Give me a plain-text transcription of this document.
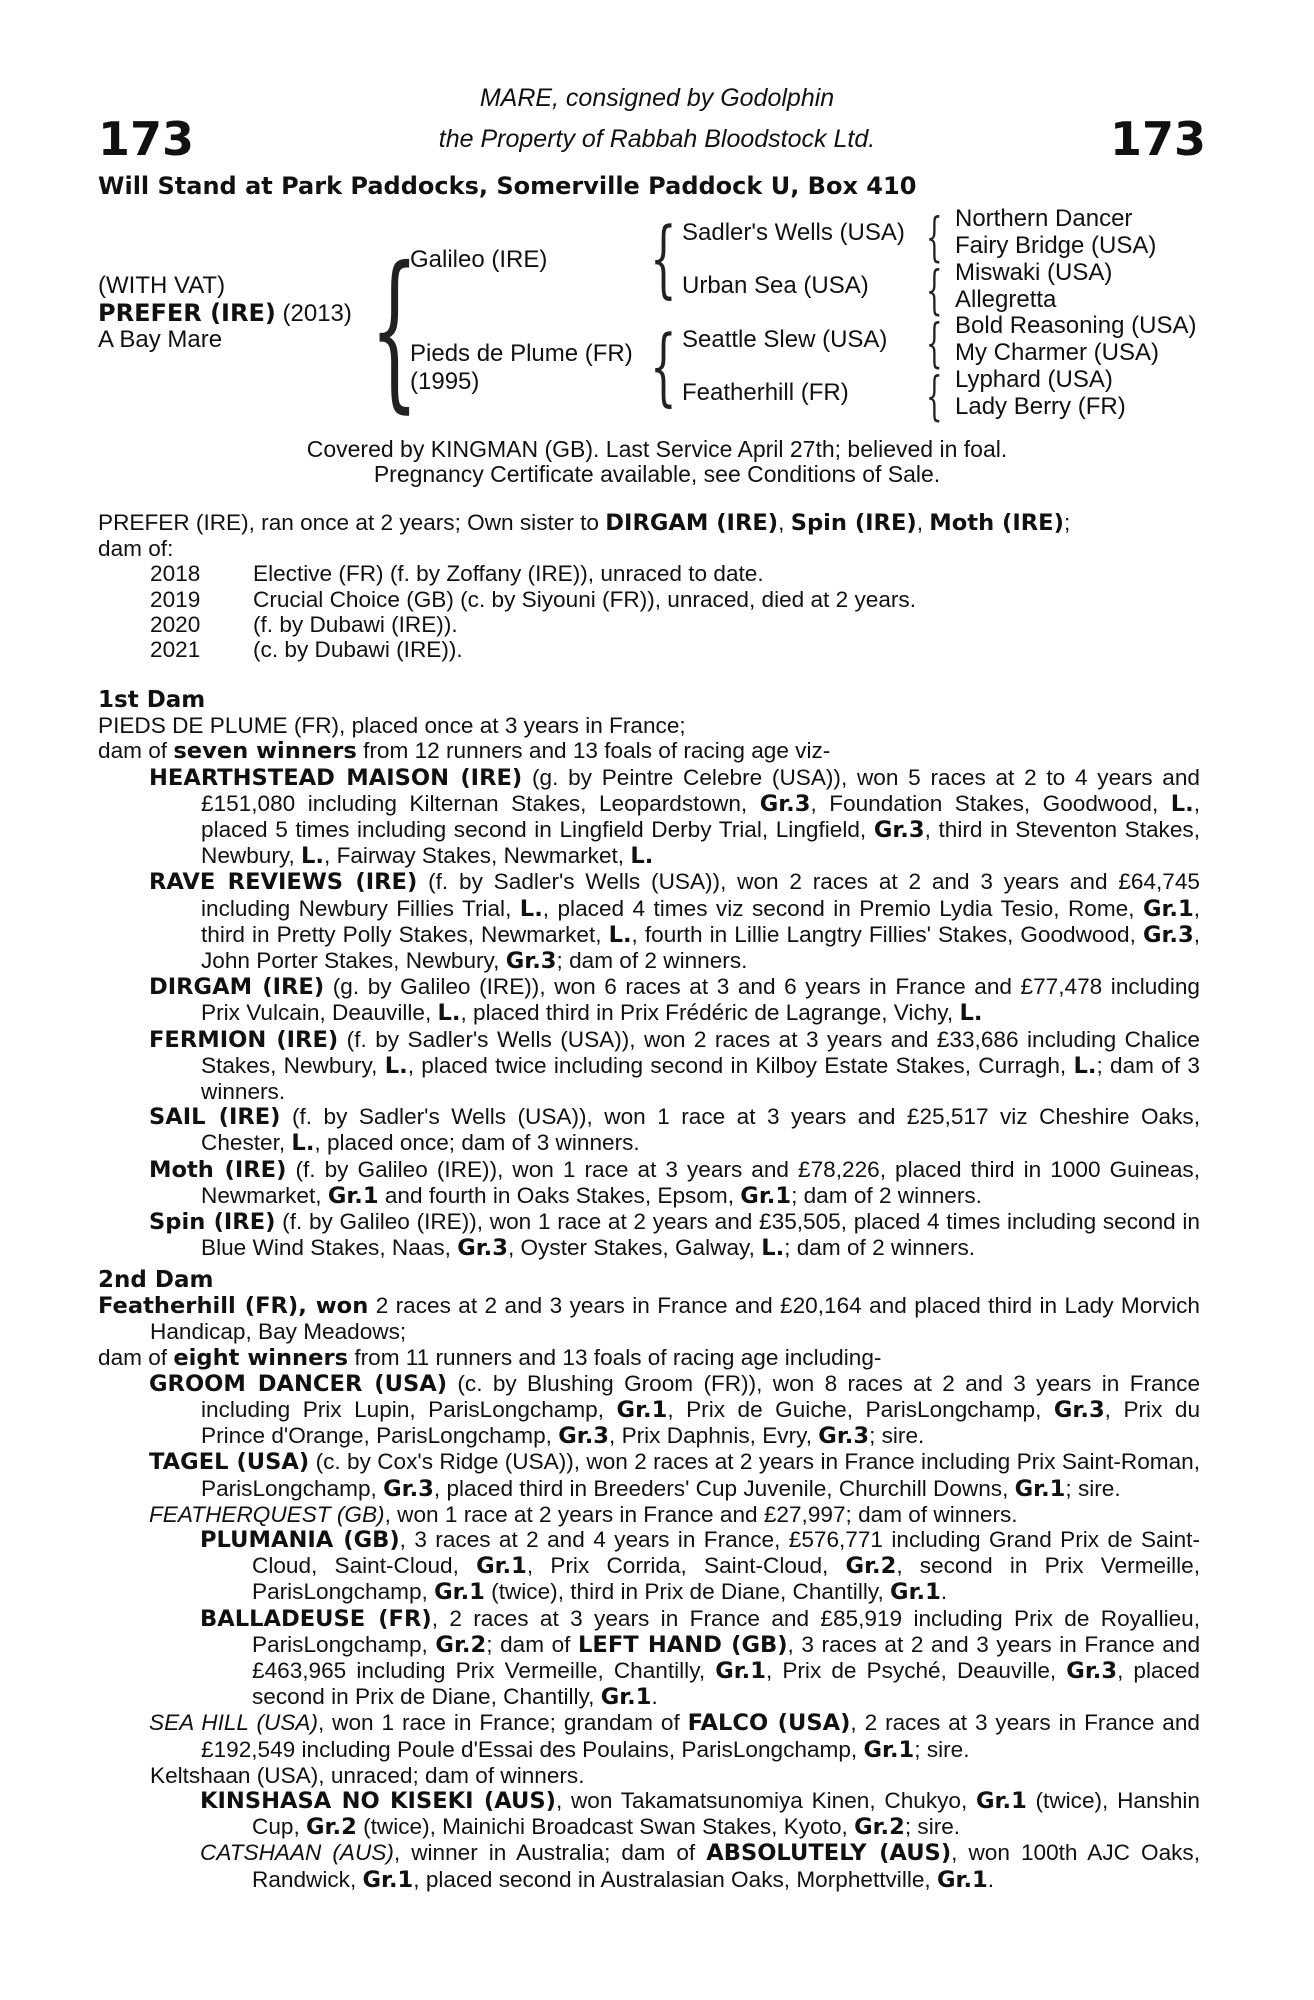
173	173
MARE, consigned by Godolphin
the Property of Rabbah Bloodstock Ltd.
Will Stand at Park Paddocks, Somerville Paddock U, Box 410
(WITH VAT)
PREFER (IRE) (2013)
A Bay Mare {
Galileo (IRE)
Pieds de Plume (FR)
(1995)
{
{
Sadler's Wells (USA)
Urban Sea (USA)
Seattle Slew (USA)
Featherhill (FR)
{
{
{
{
Northern Dancer
Fairy Bridge (USA)
Miswaki (USA)
Allegretta
Bold Reasoning (USA)
My Charmer (USA)
Lyphard (USA)
Lady Berry (FR)
Covered by KINGMAN (GB). Last Service April 27th; believed in foal.
Pregnancy Certificate available, see Conditions of Sale.

PREFER (IRE), ran once at 2 years; Own sister to DIRGAM (IRE), Spin (IRE), Moth (IRE);

dam of:

2018	Elective (FR) (f. by Zoffany (IRE)), unraced to date.
2019	Crucial Choice (GB) (c. by Siyouni (FR)), unraced, died at 2 years.
2020	(f. by Dubawi (IRE)).
2021	(c. by Dubawi (IRE)).

1st Dam

PIEDS DE PLUME (FR), placed once at 3 years in France;

dam of seven winners from 12 runners and 13 foals of racing age viz-

HEARTHSTEAD MAISON (IRE) (g. by Peintre Celebre (USA)), won 5 races at 2 to 4 years and £151,080 including Kilternan Stakes, Leopardstown, Gr.3, Foundation Stakes, Goodwood, L., placed 5 times including second in Lingfield Derby Trial, Lingfield, Gr.3, third in Steventon Stakes, Newbury, L., Fairway Stakes, Newmarket, L.

RAVE REVIEWS (IRE) (f. by Sadler's Wells (USA)), won 2 races at 2 and 3 years and £64,745 including Newbury Fillies Trial, L., placed 4 times viz second in Premio Lydia Tesio, Rome, Gr.1, third in Pretty Polly Stakes, Newmarket, L., fourth in Lillie Langtry Fillies' Stakes, Goodwood, Gr.3, John Porter Stakes, Newbury, Gr.3; dam of 2 winners.

DIRGAM (IRE) (g. by Galileo (IRE)), won 6 races at 3 and 6 years in France and £77,478 including Prix Vulcain, Deauville, L., placed third in Prix Frédéric de Lagrange, Vichy, L.

FERMION (IRE) (f. by Sadler's Wells (USA)), won 2 races at 3 years and £33,686 including Chalice Stakes, Newbury, L., placed twice including second in Kilboy Estate Stakes, Curragh, L.; dam of 3 winners.

SAIL (IRE) (f. by Sadler's Wells (USA)), won 1 race at 3 years and £25,517 viz Cheshire Oaks, Chester, L., placed once; dam of 3 winners.

Moth (IRE) (f. by Galileo (IRE)), won 1 race at 3 years and £78,226, placed third in 1000 Guineas, Newmarket, Gr.1 and fourth in Oaks Stakes, Epsom, Gr.1; dam of 2 winners.

Spin (IRE) (f. by Galileo (IRE)), won 1 race at 2 years and £35,505, placed 4 times including second in Blue Wind Stakes, Naas, Gr.3, Oyster Stakes, Galway, L.; dam of 2 winners.

2nd Dam

Featherhill (FR), won 2 races at 2 and 3 years in France and £20,164 and placed third in Lady Morvich Handicap, Bay Meadows;

dam of eight winners from 11 runners and 13 foals of racing age including-

GROOM DANCER (USA) (c. by Blushing Groom (FR)), won 8 races at 2 and 3 years in France including Prix Lupin, ParisLongchamp, Gr.1, Prix de Guiche, ParisLongchamp, Gr.3, Prix du Prince d'Orange, ParisLongchamp, Gr.3, Prix Daphnis, Evry, Gr.3; sire.

TAGEL (USA) (c. by Cox's Ridge (USA)), won 2 races at 2 years in France including Prix Saint-Roman, ParisLongchamp, Gr.3, placed third in Breeders' Cup Juvenile, Churchill Downs, Gr.1; sire.

FEATHERQUEST (GB), won 1 race at 2 years in France and £27,997; dam of winners.

PLUMANIA (GB), 3 races at 2 and 4 years in France, £576,771 including Grand Prix de Saint-Cloud, Saint-Cloud, Gr.1, Prix Corrida, Saint-Cloud, Gr.2, second in Prix Vermeille, ParisLongchamp, Gr.1 (twice), third in Prix de Diane, Chantilly, Gr.1.

BALLADEUSE (FR), 2 races at 3 years in France and £85,919 including Prix de Royallieu, ParisLongchamp, Gr.2; dam of LEFT HAND (GB), 3 races at 2 and 3 years in France and £463,965 including Prix Vermeille, Chantilly, Gr.1, Prix de Psyché, Deauville, Gr.3, placed second in Prix de Diane, Chantilly, Gr.1.

SEA HILL (USA), won 1 race in France; grandam of FALCO (USA), 2 races at 3 years in France and £192,549 including Poule d'Essai des Poulains, ParisLongchamp, Gr.1; sire.

Keltshaan (USA), unraced; dam of winners.

KINSHASA NO KISEKI (AUS), won Takamatsunomiya Kinen, Chukyo, Gr.1 (twice), Hanshin Cup, Gr.2 (twice), Mainichi Broadcast Swan Stakes, Kyoto, Gr.2; sire.

CATSHAAN (AUS), winner in Australia; dam of ABSOLUTELY (AUS), won 100th AJC Oaks, Randwick, Gr.1, placed second in Australasian Oaks, Morphettville, Gr.1.
